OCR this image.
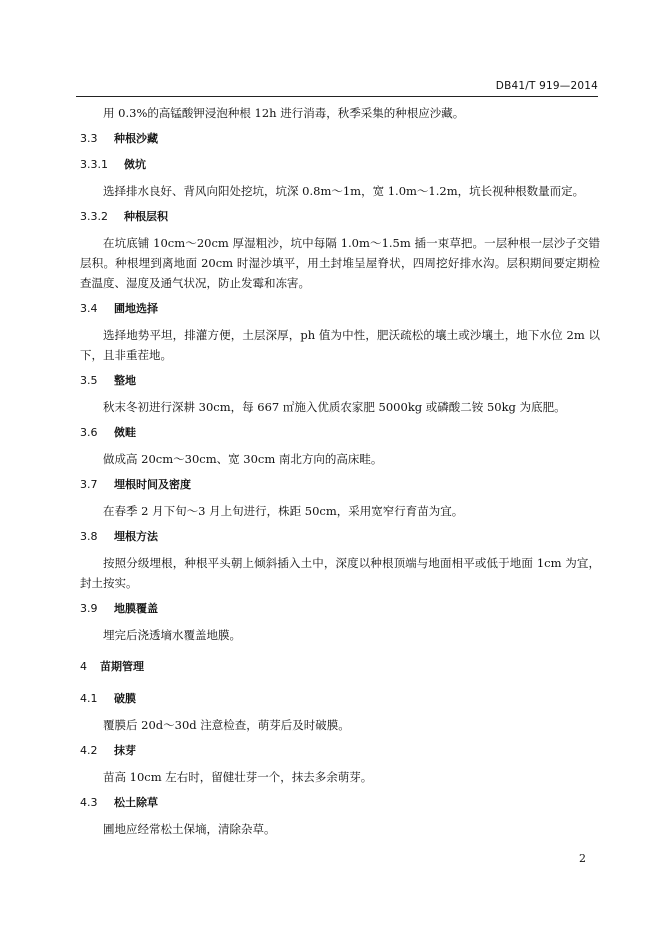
DB41/T 919—2014

用 0.3%的高锰酸钾浸泡种根 12h 进行消毒，秋季采集的种根应沙藏。

3.3 种根沙藏
3.3.1 傚坑

选择排水良好、背风向阳处挖坑，坑深 0.8m～1m，宽 1.0m～1.2m，坑长视种根数量而定。

3.3.2 种根层积

在坑底铺 10cm～20cm 厚湿粗沙，坑中每隔 1.0m～1.5m 插一束草把。一层种根一层沙子交错层积。种根埋到离地面 20cm 时湿沙填平，用土封堆呈屋脊状，四周挖好排水沟。层积期间要定期检查温度、湿度及通气状况，防止发霉和冻害。

3.4 圃地选择

选择地势平坦，排灌方便，土层深厚，ph 值为中性，肥沃疏松的壤土或沙壤土，地下水位 2m 以下，且非重茬地。

3.5 整地

秋末冬初进行深耕 30cm，每 667 ㎡施入优质农家肥 5000kg 或磷酸二铵 50kg 为底肥。

3.6 傚畦

做成高 20cm～30cm、宽 30cm 南北方向的高床畦。

3.7 埋根时间及密度

在春季 2 月下旬～3 月上旬进行，株距 50cm，采用宽窄行育苗为宜。

3.8 埋根方法

按照分级埋根，种根平头朝上倾斜插入土中，深度以种根顶端与地面相平或低于地面 1cm 为宜，封土按实。

3.9 地膜覆盖

埋完后浇透墒水覆盖地膜。

4 苗期管理
4.1 破膜

覆膜后 20d～30d 注意检查，萌芽后及时破膜。

4.2 抹芽

苗高 10cm 左右时，留健壮芽一个，抹去多余萌芽。

4.3 松土除草

圃地应经常松土保墒，清除杂草。

2
